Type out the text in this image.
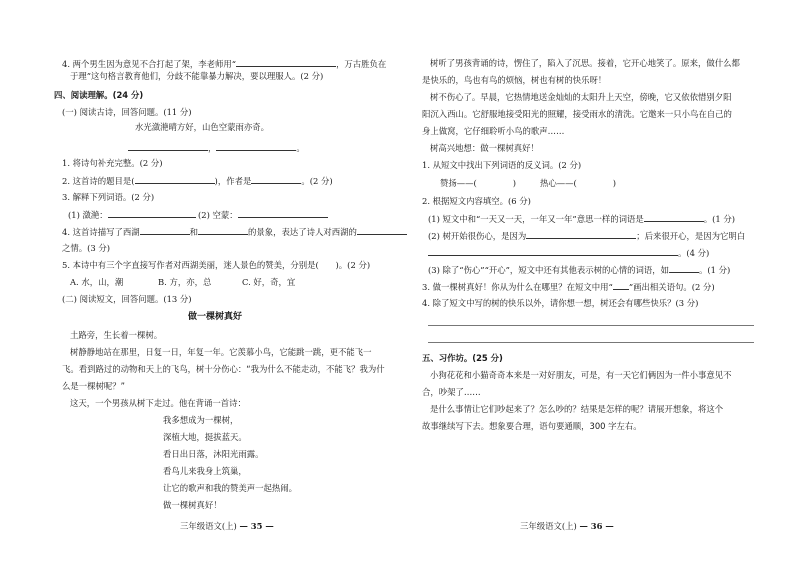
4. 两个男生因为意见不合打起了架，李老师用“	，万古胜负在
于理”这句格言教育他们，分歧不能靠暴力解决，要以理服人。(2 分)
四、阅读理解。(24 分)
(一) 阅读古诗，回答问题。(11 分)
水光潋滟晴方好，山色空蒙雨亦奇。
，	。
1. 将诗句补充完整。(2 分)
2. 这首诗的题目是(	)，作者是	。(2 分)
3. 解释下列词语。(2 分)
(1) 潋滟：	(2) 空蒙：
4. 这首诗描写了西湖	和	的景象，表达了诗人对西湖的
之情。(3 分)
5. 本诗中有三个字直接写作者对西湖美丽，迷人景色的赞美，分别是(　　)。(2 分)
A. 水，山，潮	B. 方，亦，总	C. 好，奇，宜
(二) 阅读短文，回答问题。(13 分)
做一棵树真好
土路旁，生长着一棵树。
树静静地站在那里，日复一日，年复一年。它羡慕小鸟，它能跳一跳，更不能飞一
飞。看到路过的动物和天上的飞鸟，树十分伤心：“我为什么不能走动，不能飞？我为什
么是一棵树呢？”
这天，一个男孩从树下走过。他在背诵一首诗：
我多想成为一棵树，
深植大地，挺拔蓝天。
看日出日落，沐阳光雨露。
看鸟儿来我身上筑巢，
让它的歌声和我的赞美声一起热闹。
做一棵树真好！
三年级语文(上) — 35 —
树听了男孩背诵的诗，愣住了，陷入了沉思。接着，它开心地笑了。原来，做什么都
是快乐的，鸟也有鸟的烦恼，树也有树的快乐呀！
树不伤心了。早晨，它热情地送金灿灿的太阳升上天空，傍晚，它又依依惜别夕阳
阳沉入西山。它舒服地接受阳光的照耀，接受雨水的清洗。它邀来一只小鸟在自己的
身上做窝，它仔细聆听小鸟的歌声……
树高兴地想：做一棵树真好！
1. 从短文中找出下列词语的反义词。(2 分)
赞扬——(	)	热心——(	)
2. 根据短文内容填空。(6 分)
(1) 短文中和“一天又一天，一年又一年”意思一样的词语是	。(1 分)
(2) 树开始很伤心，是因为	；后来很开心，是因为它明白
。(4 分)
(3) 除了“伤心”“开心”，短文中还有其他表示树的心情的词语，如	。(1 分)
3. 做一棵树真好！你从为什么在哪里？在短文中用“ ”画出相关语句。(2 分)
4. 除了短文中写的树的快乐以外，请你想一想，树还会有哪些快乐？(3 分)
五、习作坊。(25 分)
小狗花花和小猫奇奇本来是一对好朋友，可是，有一天它们俩因为一件小事意见不
合，吵架了……
是什么事情让它们吵起来了？怎么吵的？结果是怎样的呢？请展开想象，将这个
故事继续写下去。想象要合理，语句要通顺，300 字左右。
三年级语文(上) — 36 —
